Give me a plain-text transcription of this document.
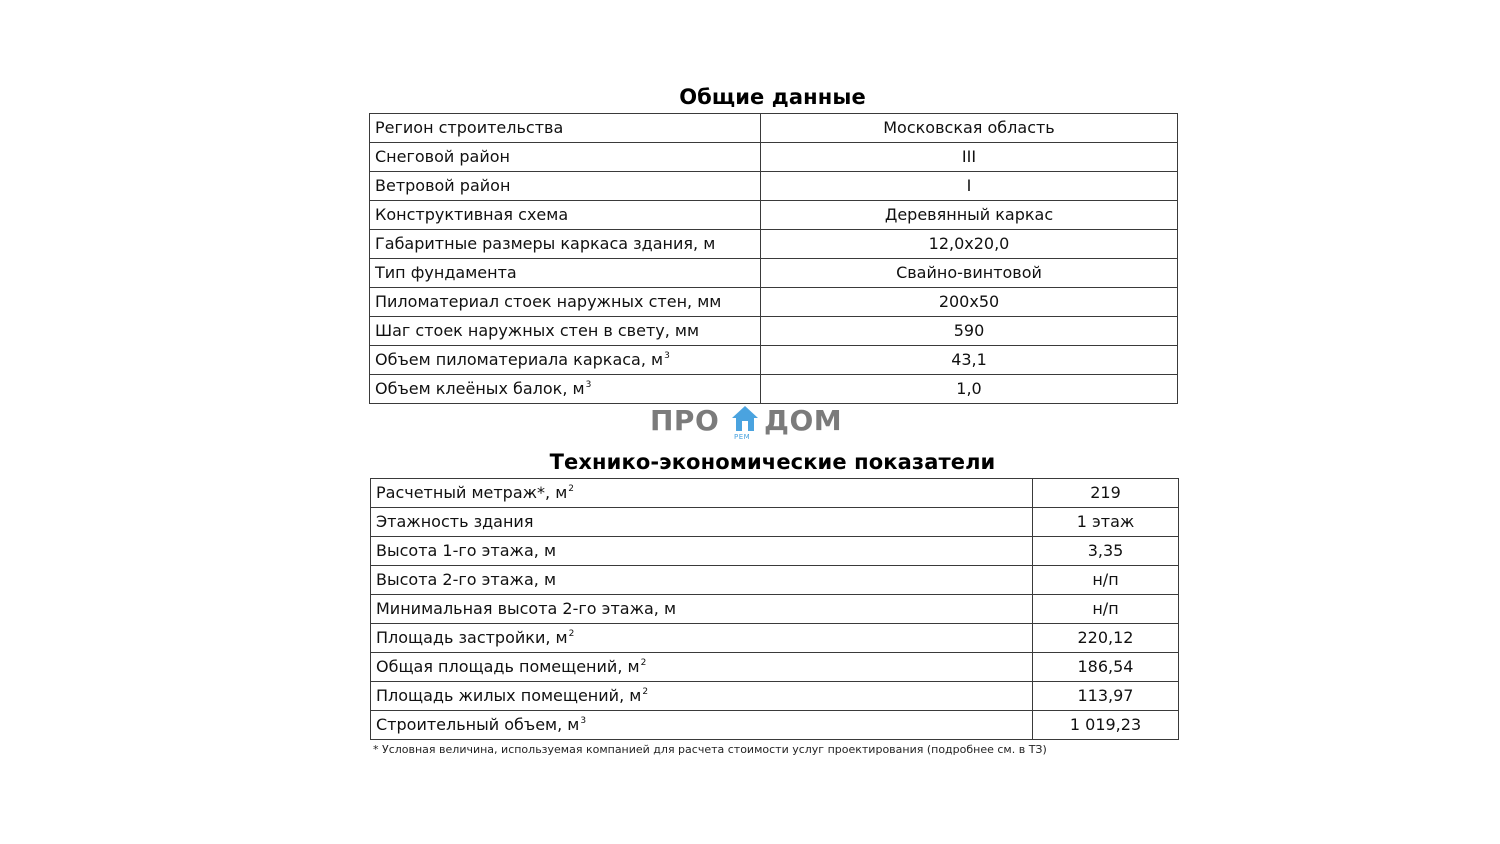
Общие данные
Регион строительства	Московская область
Снеговой район	III
Ветровой район	I
Конструктивная схема	Деревянный каркас
Габаритные размеры каркаса здания, м	12,0x20,0
Тип фундамента	Свайно-винтовой
Пиломатериал стоек наружных стен, мм	200x50
Шаг стоек наружных стен в свету, мм	590
Объем пиломатериала каркаса, $м^3$	43,1
Объем клеёных балок, $м^3$	1,0
ПРО РЕМ ДОМ
Технико-экономические показатели
Расчетный метраж*, $м^2$	219
Этажность здания	1 этаж
Высота 1-го этажа, м	3,35
Высота 2-го этажа, м	н/п
Минимальная высота 2-го этажа, м	н/п
Площадь застройки, $м^2$	220,12
Общая площадь помещений, $м^2$	186,54
Площадь жилых помещений, $м^2$	113,97
Строительный объем, $м^3$	1 019,23
* Условная величина, используемая компанией для расчета стоимости услуг проектирования (подробнее см. в ТЗ)
